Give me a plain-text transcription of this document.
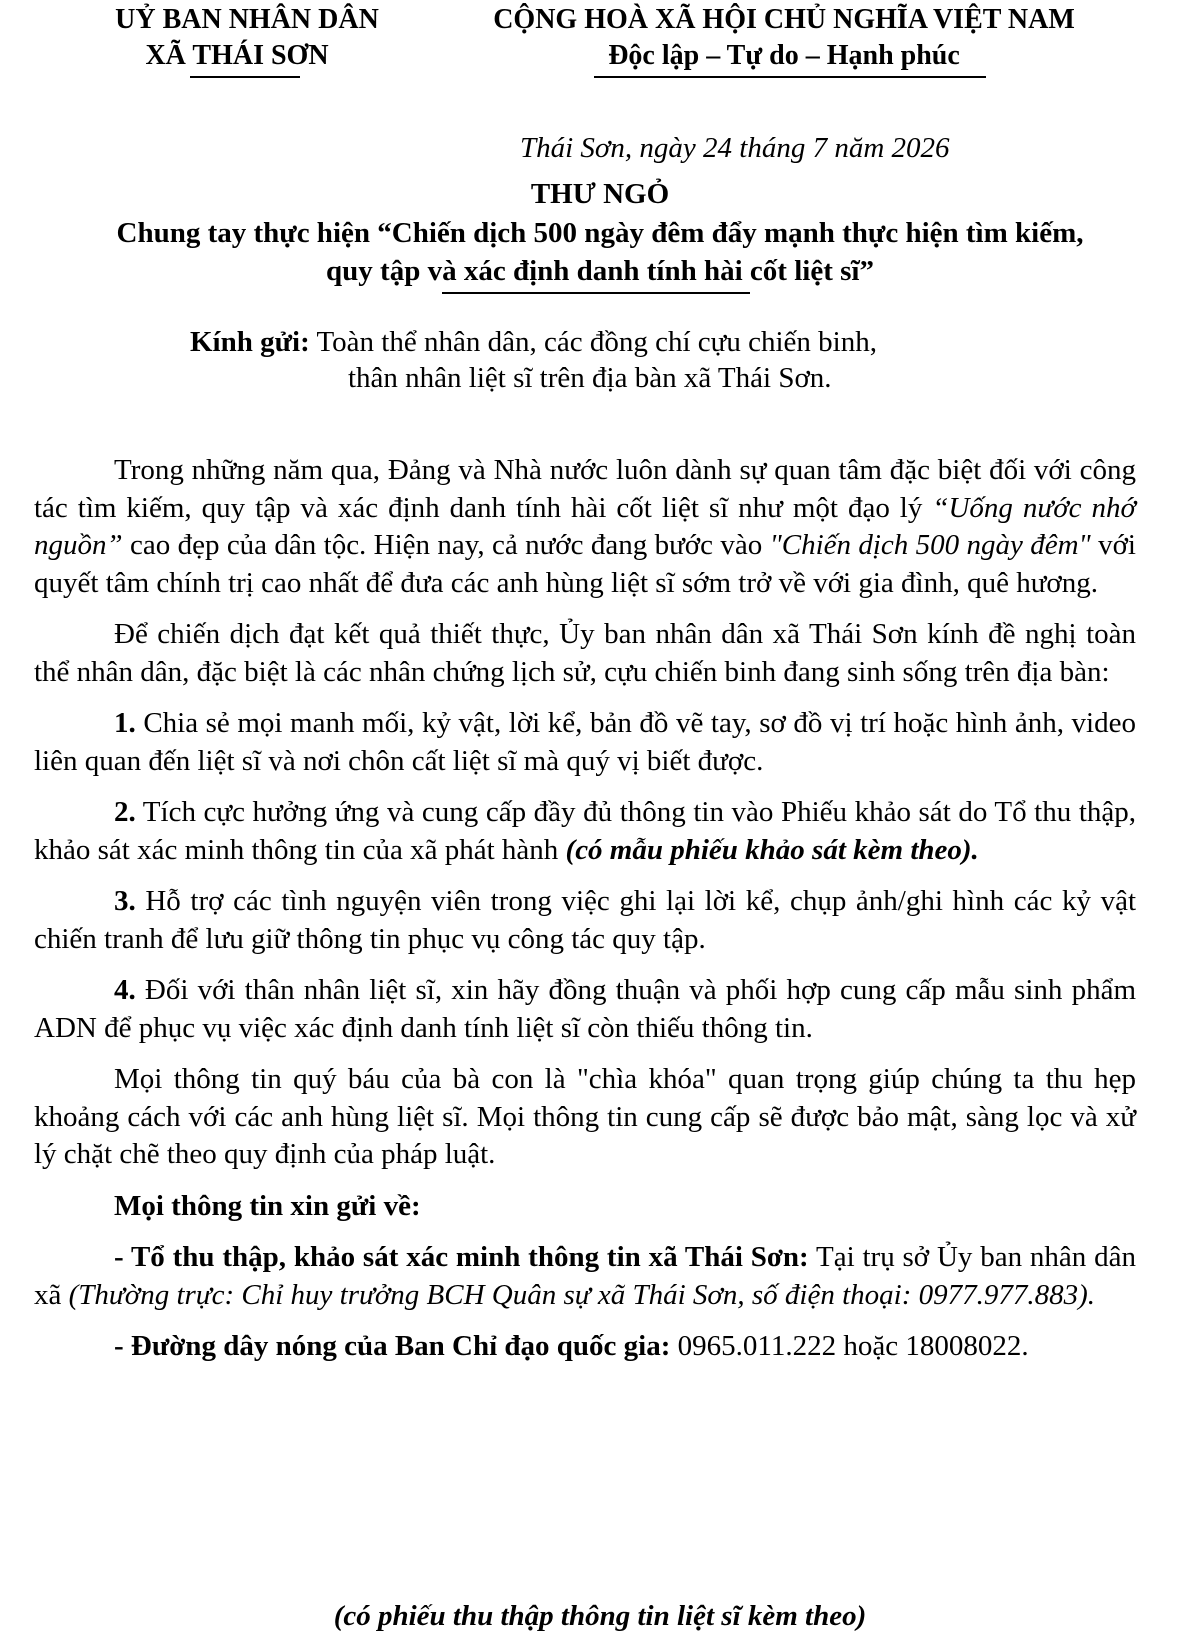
UỶ BAN NHÂN DÂN
XÃ THÁI SƠN
CỘNG HOÀ XÃ HỘI CHỦ NGHĨA VIỆT NAM
Độc lập – Tự do – Hạnh phúc
Thái Sơn, ngày 24 tháng 7 năm 2026
THƯ NGỎ
Chung tay thực hiện “Chiến dịch 500 ngày đêm đẩy mạnh thực hiện tìm kiếm,
quy tập và xác định danh tính hài cốt liệt sĩ”
Kính gửi: Toàn thể nhân dân, các đồng chí cựu chiến binh,
thân nhân liệt sĩ trên địa bàn xã Thái Sơn.

Trong những năm qua, Đảng và Nhà nước luôn dành sự quan tâm đặc biệt đối với công tác tìm kiếm, quy tập và xác định danh tính hài cốt liệt sĩ như một đạo lý “Uống nước nhớ nguồn” cao đẹp của dân tộc. Hiện nay, cả nước đang bước vào "Chiến dịch 500 ngày đêm" với quyết tâm chính trị cao nhất để đưa các anh hùng liệt sĩ sớm trở về với gia đình, quê hương.

Để chiến dịch đạt kết quả thiết thực, Ủy ban nhân dân xã Thái Sơn kính đề nghị toàn thể nhân dân, đặc biệt là các nhân chứng lịch sử, cựu chiến binh đang sinh sống trên địa bàn:

1. Chia sẻ mọi manh mối, kỷ vật, lời kể, bản đồ vẽ tay, sơ đồ vị trí hoặc hình ảnh, video liên quan đến liệt sĩ và nơi chôn cất liệt sĩ mà quý vị biết được.

2. Tích cực hưởng ứng và cung cấp đầy đủ thông tin vào Phiếu khảo sát do Tổ thu thập, khảo sát xác minh thông tin của xã phát hành (có mẫu phiếu khảo sát kèm theo).

3. Hỗ trợ các tình nguyện viên trong việc ghi lại lời kể, chụp ảnh/ghi hình các kỷ vật chiến tranh để lưu giữ thông tin phục vụ công tác quy tập.

4. Đối với thân nhân liệt sĩ, xin hãy đồng thuận và phối hợp cung cấp mẫu sinh phẩm ADN để phục vụ việc xác định danh tính liệt sĩ còn thiếu thông tin.

Mọi thông tin quý báu của bà con là "chìa khóa" quan trọng giúp chúng ta thu hẹp khoảng cách với các anh hùng liệt sĩ. Mọi thông tin cung cấp sẽ được bảo mật, sàng lọc và xử lý chặt chẽ theo quy định của pháp luật.

Mọi thông tin xin gửi về:

- Tổ thu thập, khảo sát xác minh thông tin xã Thái Sơn: Tại trụ sở Ủy ban nhân dân xã (Thường trực: Chỉ huy trưởng BCH Quân sự xã Thái Sơn, số điện thoại: 0977.977.883).

- Đường dây nóng của Ban Chỉ đạo quốc gia: 0965.011.222 hoặc 18008022.

(có phiếu thu thập thông tin liệt sĩ kèm theo)
